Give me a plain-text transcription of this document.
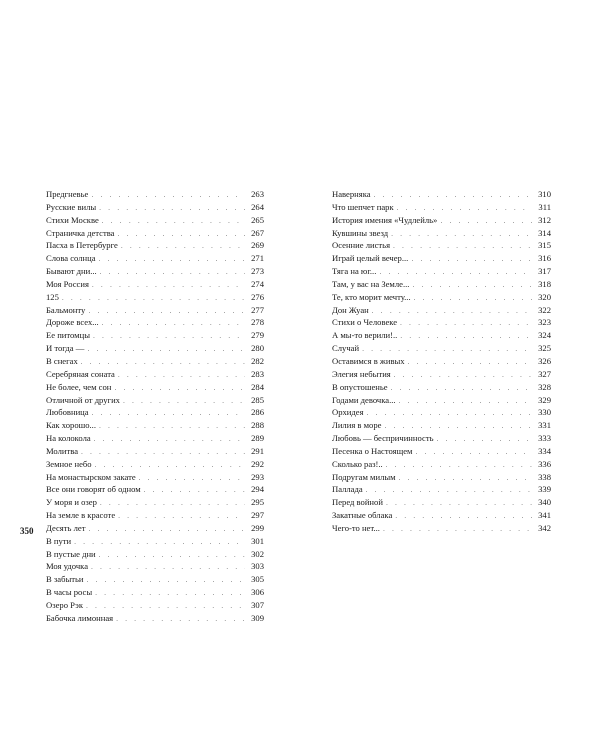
Предгневье . . .	263
Русские вилы . . .	264
Стихи Москве . . .	265
Страничка детства . . .	267
Пасха в Петербурге . . .	269
Слова солнца . . .	271
Бывают дни... . . .	273
Моя Россия . . .	274
125 . . .	276
Бальмонту . . .	277
Дороже всех... . . .	278
Ее питомцы . . .	279
И тогда — . . .	280
В снегах . . .	282
Серебряная соната . . .	283
Не более, чем сон . . .	284
Отличной от других . . .	285
Любовница . . .	286
Как хорошо... . . .	288
На колокола . . .	289
Молитва . . .	291
Земное небо . . .	292
На монастырском закате . . .	293
Все они говорят об одном . . .	294
У моря и озер . . .	295
На земле в красоте . . .	297
Десять лет . . .	299
В пути . . .	301
В пустые дни . . .	302
Моя удочка . . .	303
В забытьи . . .	305
В часы росы . . .	306
Озеро Рэк . . .	307
Бабочка лимонная . . .	309
Наверняка . . .	310
Что шепчет парк . . .	311
История имения «Чудлейль» . . .	312
Кувшины звезд . . .	314
Осенние листья . . .	315
Играй целый вечер... . . .	316
Тяга на юг... . . .	317
Там, у вас на Земле... . . .	318
Те, кто морит мечту... . . .	320
Дон Жуан . . .	322
Стихи о Человеке . . .	323
А мы-то верили!.. . . .	324
Случай . . .	325
Оставимся в живых . . .	326
Элегия небытия . . .	327
В опустошенье . . .	328
Годами девочка... . . .	329
Орхидея . . .	330
Лилия в море . . .	331
Любовь — беспричинность . . .	333
Песенка о Настоящем . . .	334
Сколько раз!.. . . .	336
Подругам милым . . .	338
Паллада . . .	339
Перед войной . . .	340
Закатные облака . . .	341
Чего-то нет... . . .	342
350
